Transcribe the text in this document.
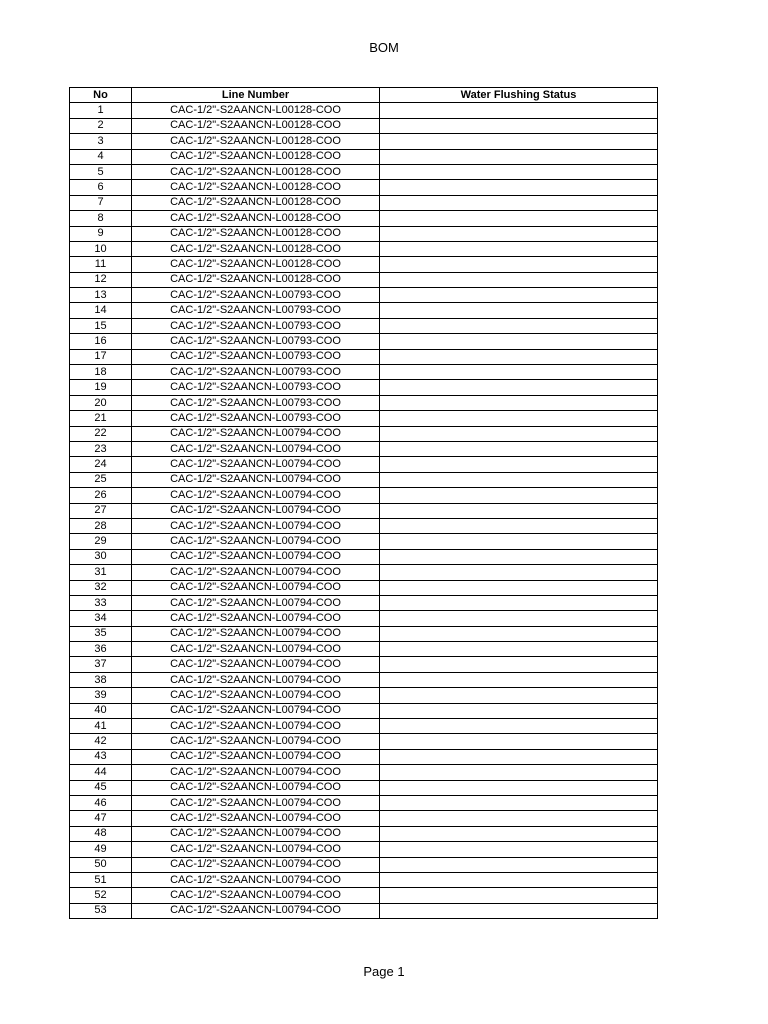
BOM
No	Line Number	Water Flushing Status
1	CAC-1/2"-S2AANCN-L00128-COO	
2	CAC-1/2"-S2AANCN-L00128-COO	
3	CAC-1/2"-S2AANCN-L00128-COO	
4	CAC-1/2"-S2AANCN-L00128-COO	
5	CAC-1/2"-S2AANCN-L00128-COO	
6	CAC-1/2"-S2AANCN-L00128-COO	
7	CAC-1/2"-S2AANCN-L00128-COO	
8	CAC-1/2"-S2AANCN-L00128-COO	
9	CAC-1/2"-S2AANCN-L00128-COO	
10	CAC-1/2"-S2AANCN-L00128-COO	
11	CAC-1/2"-S2AANCN-L00128-COO	
12	CAC-1/2"-S2AANCN-L00128-COO	
13	CAC-1/2"-S2AANCN-L00793-COO	
14	CAC-1/2"-S2AANCN-L00793-COO	
15	CAC-1/2"-S2AANCN-L00793-COO	
16	CAC-1/2"-S2AANCN-L00793-COO	
17	CAC-1/2"-S2AANCN-L00793-COO	
18	CAC-1/2"-S2AANCN-L00793-COO	
19	CAC-1/2"-S2AANCN-L00793-COO	
20	CAC-1/2"-S2AANCN-L00793-COO	
21	CAC-1/2"-S2AANCN-L00793-COO	
22	CAC-1/2"-S2AANCN-L00794-COO	
23	CAC-1/2"-S2AANCN-L00794-COO	
24	CAC-1/2"-S2AANCN-L00794-COO	
25	CAC-1/2"-S2AANCN-L00794-COO	
26	CAC-1/2"-S2AANCN-L00794-COO	
27	CAC-1/2"-S2AANCN-L00794-COO	
28	CAC-1/2"-S2AANCN-L00794-COO	
29	CAC-1/2"-S2AANCN-L00794-COO	
30	CAC-1/2"-S2AANCN-L00794-COO	
31	CAC-1/2"-S2AANCN-L00794-COO	
32	CAC-1/2"-S2AANCN-L00794-COO	
33	CAC-1/2"-S2AANCN-L00794-COO	
34	CAC-1/2"-S2AANCN-L00794-COO	
35	CAC-1/2"-S2AANCN-L00794-COO	
36	CAC-1/2"-S2AANCN-L00794-COO	
37	CAC-1/2"-S2AANCN-L00794-COO	
38	CAC-1/2"-S2AANCN-L00794-COO	
39	CAC-1/2"-S2AANCN-L00794-COO	
40	CAC-1/2"-S2AANCN-L00794-COO	
41	CAC-1/2"-S2AANCN-L00794-COO	
42	CAC-1/2"-S2AANCN-L00794-COO	
43	CAC-1/2"-S2AANCN-L00794-COO	
44	CAC-1/2"-S2AANCN-L00794-COO	
45	CAC-1/2"-S2AANCN-L00794-COO	
46	CAC-1/2"-S2AANCN-L00794-COO	
47	CAC-1/2"-S2AANCN-L00794-COO	
48	CAC-1/2"-S2AANCN-L00794-COO	
49	CAC-1/2"-S2AANCN-L00794-COO	
50	CAC-1/2"-S2AANCN-L00794-COO	
51	CAC-1/2"-S2AANCN-L00794-COO	
52	CAC-1/2"-S2AANCN-L00794-COO	
53	CAC-1/2"-S2AANCN-L00794-COO	
Page 1
